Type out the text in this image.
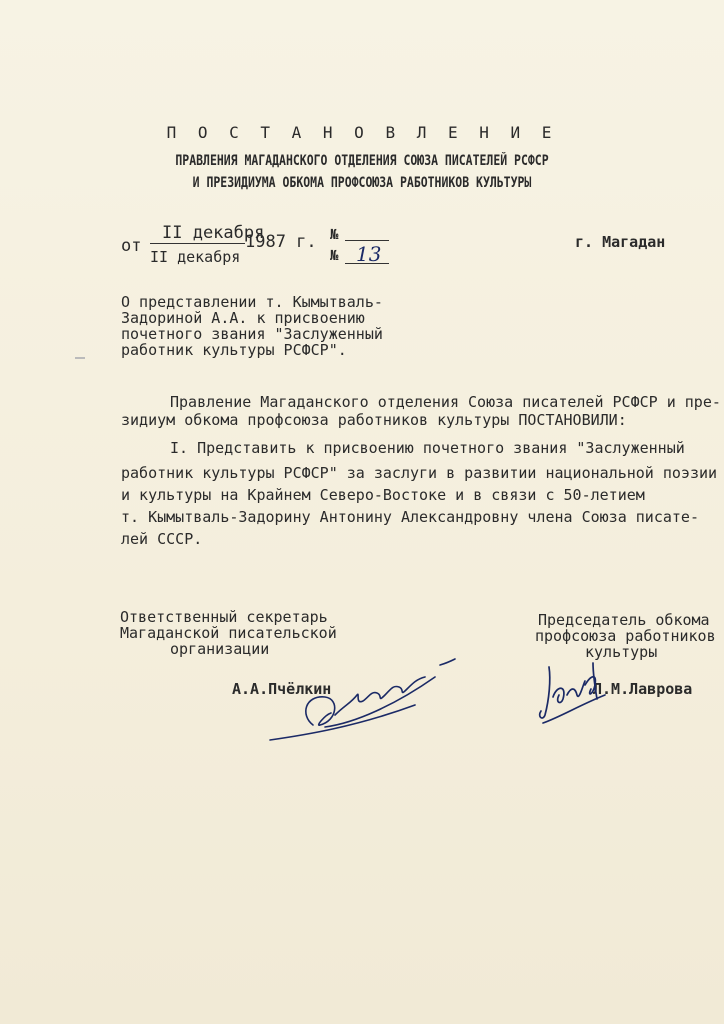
П О С Т А Н О В Л Е Н И Е
ПРАВЛЕНИЯ МАГАДАНСКОГО ОТДЕЛЕНИЯ СОЮЗА ПИСАТЕЛЕЙ РСФСР
И ПРЕЗИДИУМА ОБКОМА ПРОФСОЮЗА РАБОТНИКОВ КУЛЬТУРЫ
от
II декабря
1987 г.
II декабря
№
№ 13	г. Магадан
О представлении т. Кымытваль-
Задориной А.А. к присвоению
почетного звания "Заслуженный
работник культуры РСФСР".
Правление Магаданского отделения Союза писателей РСФСР и пре-
зидиум обкома профсоюза работников культуры ПОСТАНОВИЛИ:
I. Представить к присвоению почетного звания "Заслуженный
работник культуры РСФСР" за заслуги в развитии национальной поэзии
и культуры на Крайнем Северо-Востоке и в связи с 50-летием
т. Кымытваль-Задорину Антонину Александровну члена Союза писате-
лей СССР.
Ответственный секретарь
Магаданской писательской
организации
А.А.Пчёлкин
Председатель обкома
профсоюза работников
культуры
Л.М.Лаврова
